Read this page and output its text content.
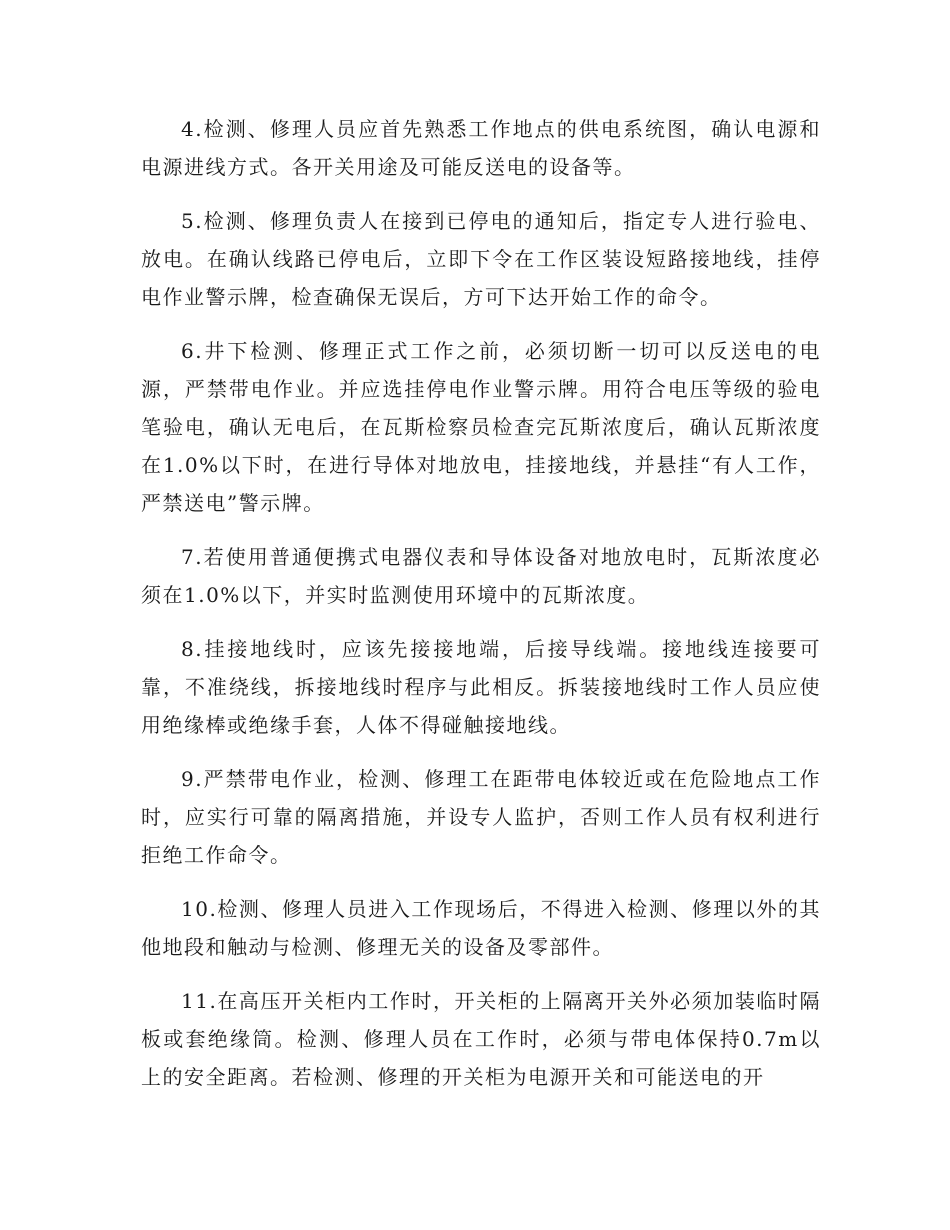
4.检测、修理人员应首先熟悉工作地点的供电系统图，确认电源和电源进线方式。各开关用途及可能反送电的设备等。

5.检测、修理负责人在接到已停电的通知后，指定专人进行验电、放电。在确认线路已停电后，立即下令在工作区装设短路接地线，挂停电作业警示牌，检查确保无误后，方可下达开始工作的命令。

6.井下检测、修理正式工作之前，必须切断一切可以反送电的电源，严禁带电作业。并应选挂停电作业警示牌。用符合电压等级的验电笔验电，确认无电后，在瓦斯检察员检查完瓦斯浓度后，确认瓦斯浓度在1.0%以下时，在进行导体对地放电，挂接地线，并悬挂“有人工作，严禁送电”警示牌。

7.若使用普通便携式电器仪表和导体设备对地放电时，瓦斯浓度必须在1.0%以下，并实时监测使用环境中的瓦斯浓度。

8.挂接地线时，应该先接接地端，后接导线端。接地线连接要可靠，不准绕线，拆接地线时程序与此相反。拆装接地线时工作人员应使用绝缘棒或绝缘手套，人体不得碰触接地线。

9.严禁带电作业，检测、修理工在距带电体较近或在危险地点工作时，应实行可靠的隔离措施，并设专人监护，否则工作人员有权利进行拒绝工作命令。

10.检测、修理人员进入工作现场后，不得进入检测、修理以外的其他地段和触动与检测、修理无关的设备及零部件。

11.在高压开关柜内工作时，开关柜的上隔离开关外必须加装临时隔板或套绝缘筒。检测、修理人员在工作时，必须与带电体保持0.7m以上的安全距离。若检测、修理的开关柜为电源开关和可能送电的开
